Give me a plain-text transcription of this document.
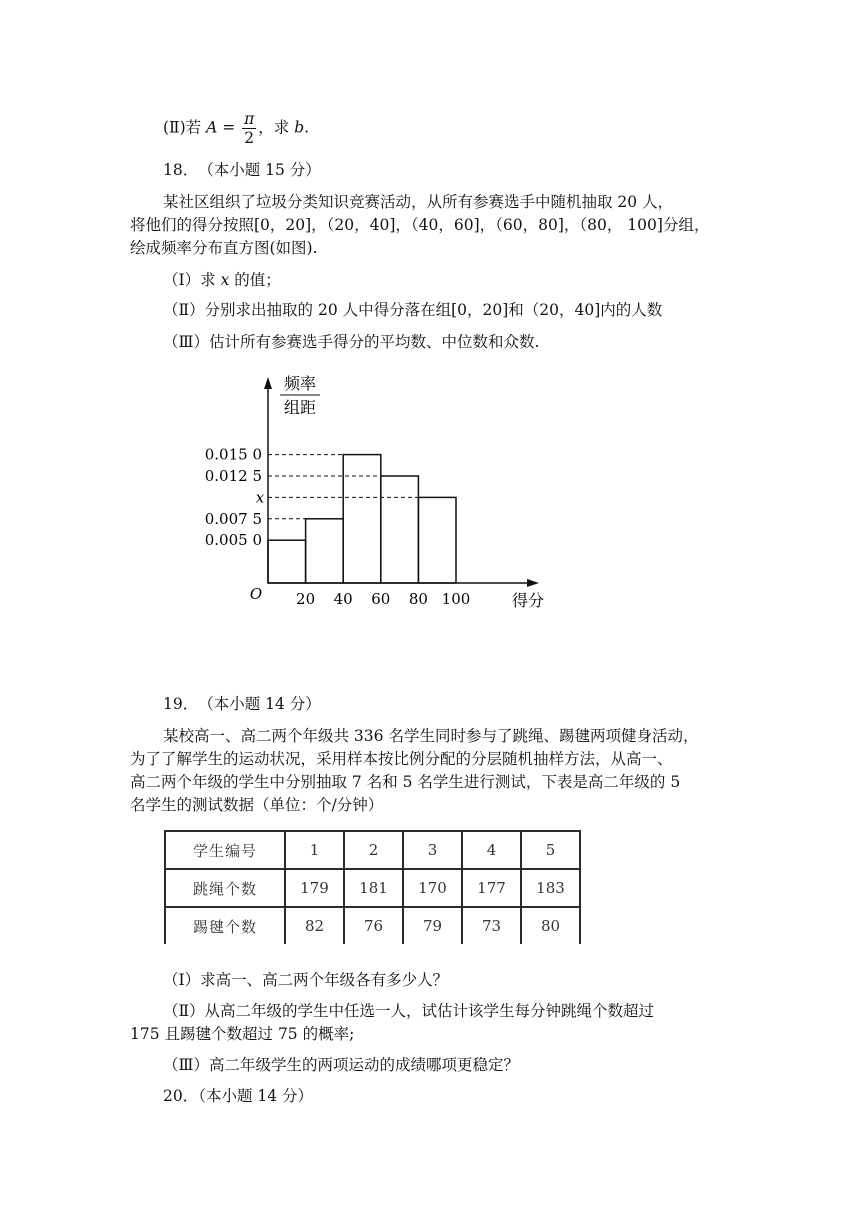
(Ⅱ)若 $A = \frac{\pi}{2}$ ，求 b.
18．　（本小题 15 分）
某社区组织了垃圾分类知识竞赛活动，从所有参赛选手中随机抽取 20 人，
将他们的得分按照[0，20]，（20，40]，（40，60]，（60，80]，（80， 100]分组，
绘成频率分布直方图(如图).
（Ⅰ）求 x 的值；
（Ⅱ）分别求出抽取的 20 人中得分落在组[0，20]和（20，40]内的人数
（Ⅲ）估计所有参赛选手得分的平均数、中位数和众数.
频率
组距
O	得分
20 40 60 80 100
0.015 0
0.012 5
x
0.007 5
0.005 0
19．　（本小题 14 分）
某校高一、高二两个年级共 336 名学生同时参与了跳绳、踢毽两项健身活动，
为了了解学生的运动状况，采用样本按比例分配的分层随机抽样方法，从高一、
高二两个年级的学生中分别抽取 7 名和 5 名学生进行测试，下表是高二年级的 5
名学生的测试数据（单位：个/分钟）
学生编号	1	2	3	4	5
跳绳个数	179	181	170	177	183
踢毽个数	82	76	79	73	80
（Ⅰ）求高一、高二两个年级各有多少人？
（Ⅱ）从高二年级的学生中任选一人，试估计该学生每分钟跳绳个数超过
175 且踢毽个数超过 75 的概率;
（Ⅲ）高二年级学生的两项运动的成绩哪项更稳定？
20．（本小题 14 分）
